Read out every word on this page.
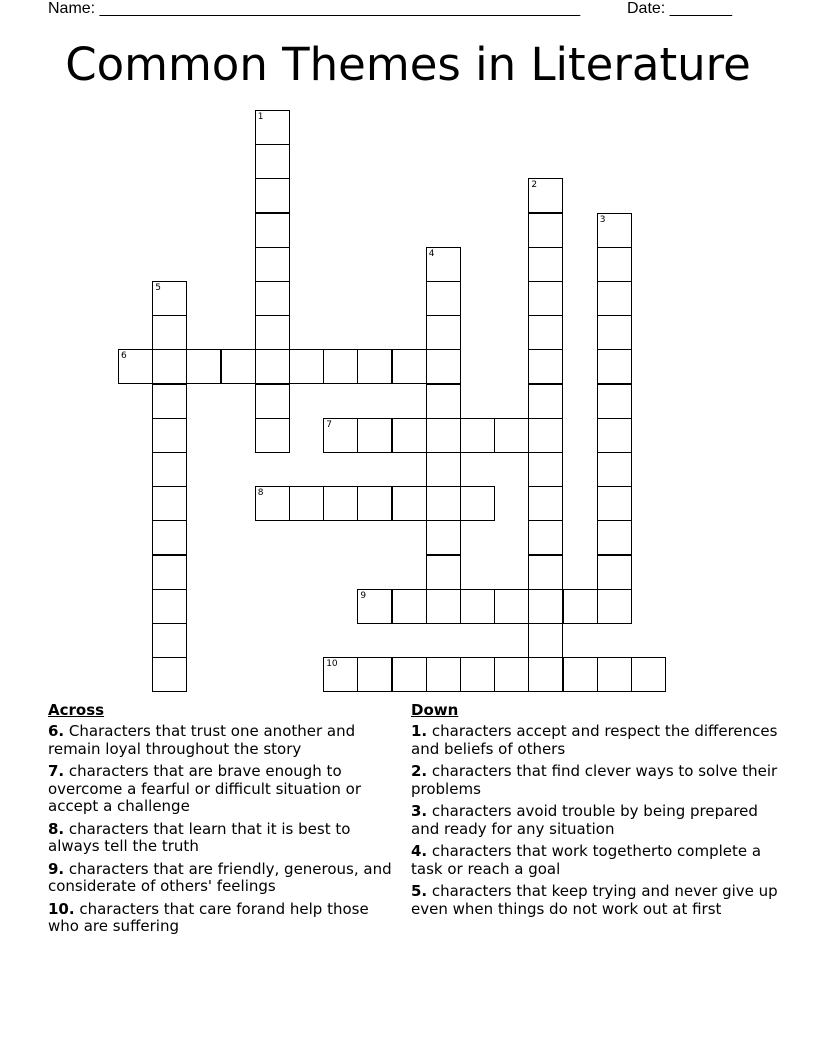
Name: ______________________________________________________	Date: _______
Common Themes in Literature
1
2
3
4
5
6
7
8
9
10
Across
6. Characters that trust one another and remain loyal throughout the story
7. characters that are brave enough to overcome a fearful or difficult situation or accept a challenge
8. characters that learn that it is best to always tell the truth
9. characters that are friendly, generous, and considerate of others' feelings
10. characters that care forand help those who are suffering
Down
1. characters accept and respect the differences and beliefs of others
2. characters that find clever ways to solve their problems
3. characters avoid trouble by being prepared and ready for any situation
4. characters that work togetherto complete a task or reach a goal
5. characters that keep trying and never give up even when things do not work out at first
